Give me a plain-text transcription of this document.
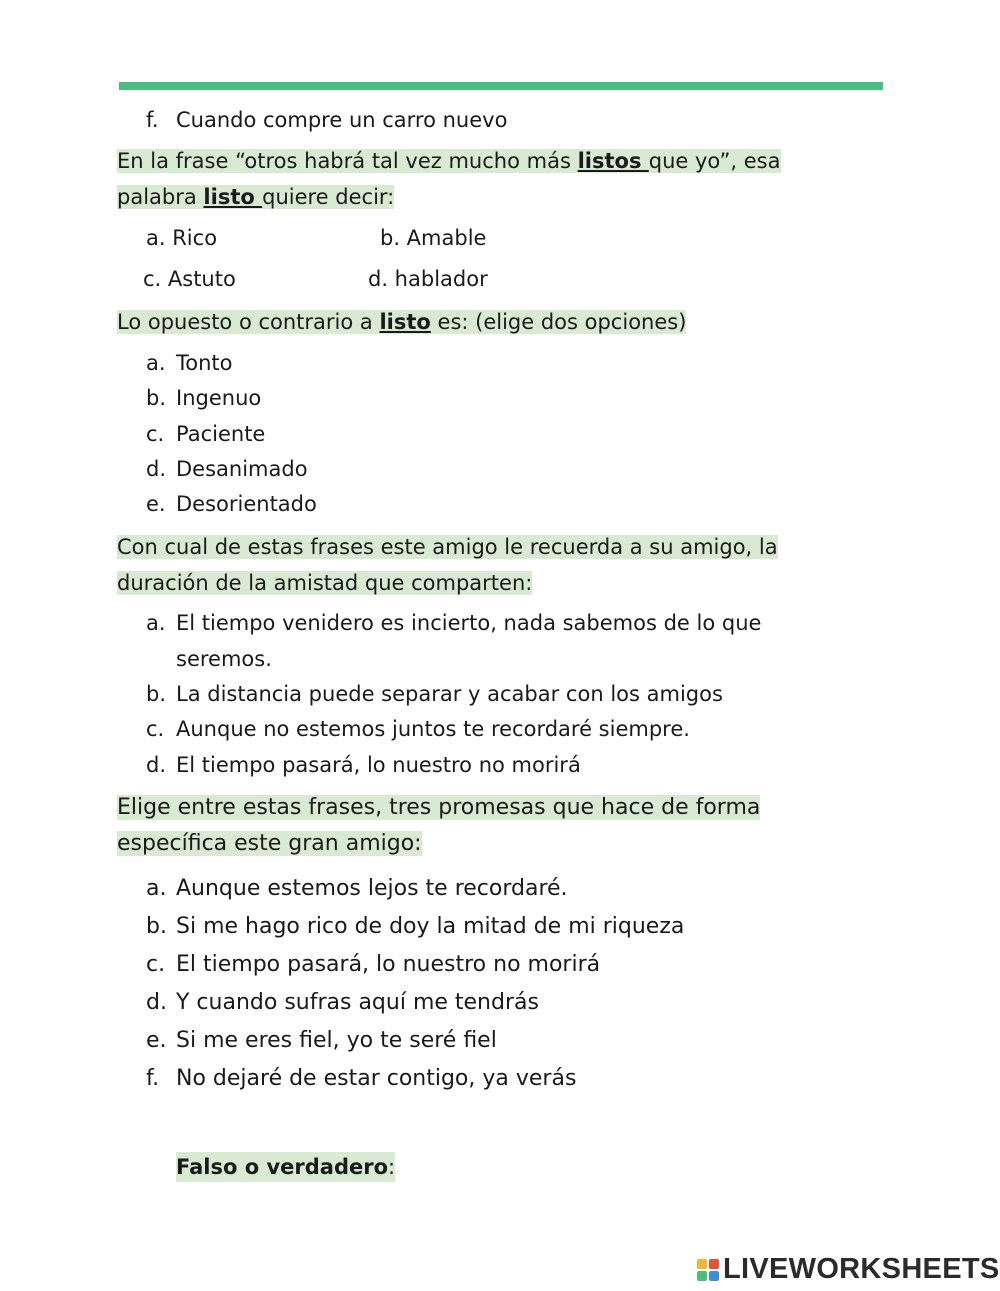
f. Cuando compre un carro nuevo

En la frase “otros habrá tal vez mucho más listos que yo”, esa
palabra listo quiere decir:

a. Rico	b. Amable
c. Astuto	d. hablador

Lo opuesto o contrario a listo es: (elige dos opciones)

a. Tonto
b. Ingenuo
c. Paciente
d. Desanimado
e. Desorientado

Con cual de estas frases este amigo le recuerda a su amigo, la
duración de la amistad que comparten:

a. El tiempo venidero es incierto, nada sabemos de lo que
seremos.
b. La distancia puede separar y acabar con los amigos
c. Aunque no estemos juntos te recordaré siempre.
d. El tiempo pasará, lo nuestro no morirá

Elige entre estas frases, tres promesas que hace de forma
específica este gran amigo:

a. Aunque estemos lejos te recordaré.
b. Si me hago rico de doy la mitad de mi riqueza
c. El tiempo pasará, lo nuestro no morirá
d. Y cuando sufras aquí me tendrás
e. Si me eres fiel, yo te seré fiel
f. No dejaré de estar contigo, ya verás
Falso o verdadero:
LIVEWORKSHEETS
